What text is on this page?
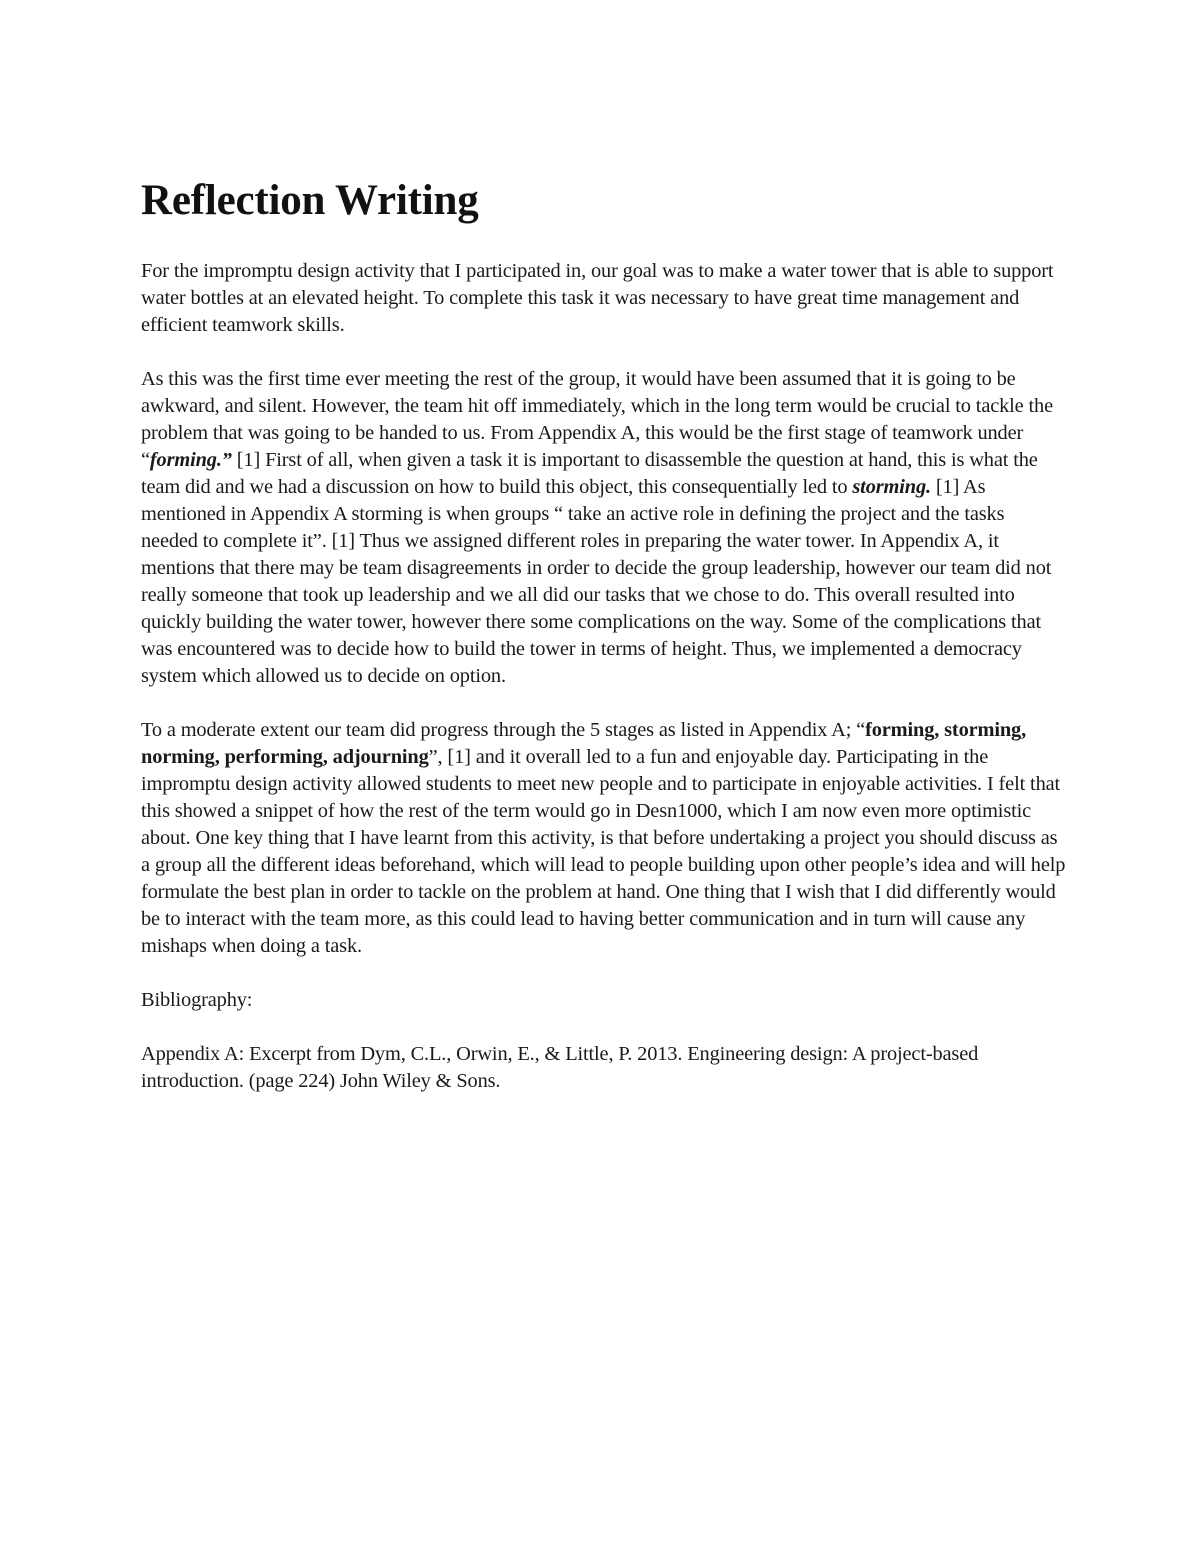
Reflection Writing

For the impromptu design activity that I participated in, our goal was to make a water tower that is able to support water bottles at an elevated height. To complete this task it was necessary to have great time management and efficient teamwork skills.

As this was the first time ever meeting the rest of the group, it would have been assumed that it is going to be awkward, and silent. However, the team hit off immediately, which in the long term would be crucial to tackle the problem that was going to be handed to us. From Appendix A, this would be the first stage of teamwork under “forming.” [1] First of all, when given a task it is important to disassemble the question at hand, this is what the team did and we had a discussion on how to build this object, this consequentially led to storming. [1] As mentioned in Appendix A storming is when groups “ take an active role in defining the project and the tasks needed to complete it”. [1] Thus we assigned different roles in preparing the water tower. In Appendix A, it mentions that there may be team disagreements in order to decide the group leadership, however our team did not really someone that took up leadership and we all did our tasks that we chose to do. This overall resulted into quickly building the water tower, however there some complications on the way. Some of the complications that was encountered was to decide how to build the tower in terms of height. Thus, we implemented a democracy system which allowed us to decide on option.

To a moderate extent our team did progress through the 5 stages as listed in Appendix A; “forming, storming, norming, performing, adjourning”, [1] and it overall led to a fun and enjoyable day. Participating in the impromptu design activity allowed students to meet new people and to participate in enjoyable activities. I felt that this showed a snippet of how the rest of the term would go in Desn1000, which I am now even more optimistic about. One key thing that I have learnt from this activity, is that before undertaking a project you should discuss as a group all the different ideas beforehand, which will lead to people building upon other people’s idea and will help formulate the best plan in order to tackle on the problem at hand. One thing that I wish that I did differently would be to interact with the team more, as this could lead to having better communication and in turn will cause any mishaps when doing a task.

Bibliography:

Appendix A: Excerpt from Dym, C.L., Orwin, E., & Little, P. 2013. Engineering design: A project-based introduction. (page 224) John Wiley & Sons.
